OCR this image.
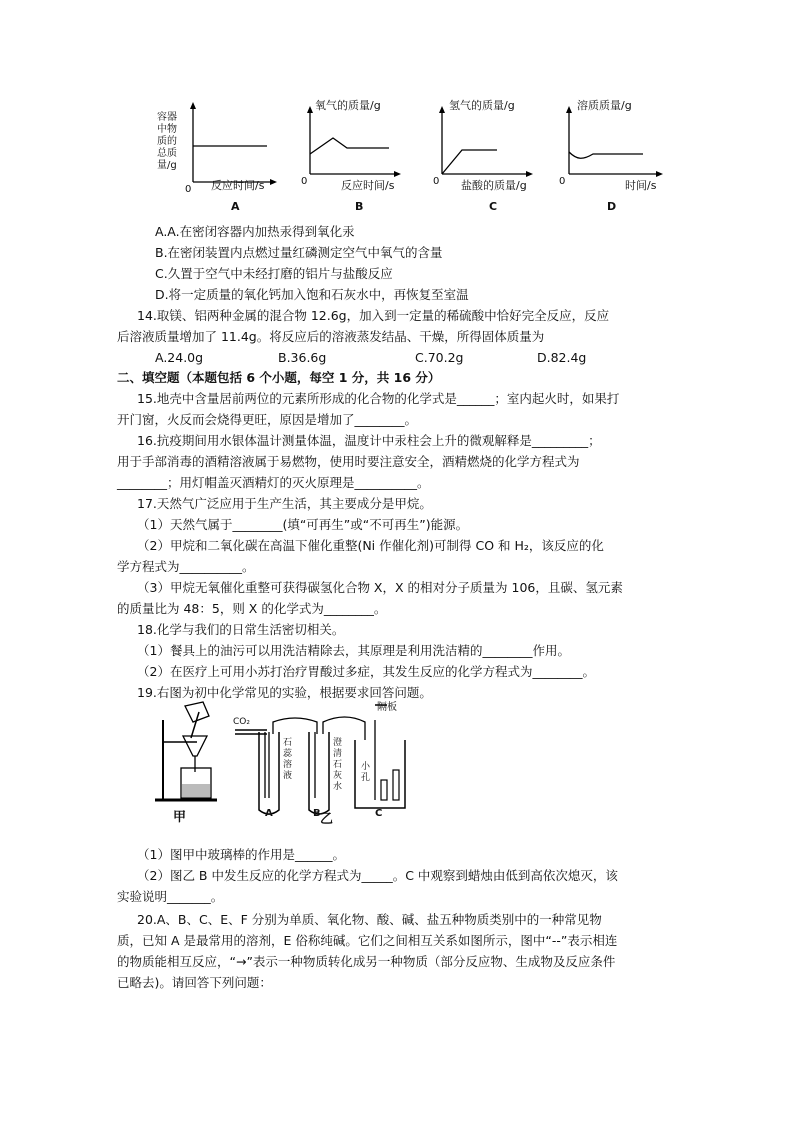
容器
中物
质的
总质
量/g
0 反应时间/s
A
氧气的质量/g
0	反应时间/s
B
氢气的质量/g
0 盐酸的质量/g
C
溶质质量/g
0	时间/s
D
A.A.在密闭容器内加热汞得到氧化汞
B.在密闭装置内点燃过量红磷测定空气中氧气的含量
C.久置于空气中未经打磨的铝片与盐酸反应
D.将一定质量的氧化钙加入饱和石灰水中，再恢复至室温
14.取镁、铝两种金属的混合物 12.6g，加入到一定量的稀硫酸中恰好完全反应，反应
后溶液质量增加了 11.4g。将反应后的溶液蒸发结晶、干燥，所得固体质量为
A.24.0g	B.36.6g	C.70.2g	D.82.4g
二、填空题（本题包括 6 个小题，每空 1 分，共 16 分）
15.地壳中含量居前两位的元素所形成的化合物的化学式是______；室内起火时，如果打
开门窗，火反而会烧得更旺，原因是增加了________。
16.抗疫期间用水银体温计测量体温，温度计中汞柱会上升的微观解释是_________；
用于手部消毒的酒精溶液属于易燃物，使用时要注意安全，酒精燃烧的化学方程式为
________；用灯帽盖灭酒精灯的灭火原理是__________。
17.天然气广泛应用于生产生活，其主要成分是甲烷。
（1）天然气属于________(填“可再生”或“不可再生”)能源。
（2）甲烷和二氧化碳在高温下催化重整(Ni 作催化剂)可制得 CO 和 H₂，该反应的化
学方程式为__________。
（3）甲烷无氧催化重整可获得碳氢化合物 X，X 的相对分子质量为 106，且碳、氢元素
的质量比为 48：5，则 X 的化学式为________。
18.化学与我们的日常生活密切相关。
（1）餐具上的油污可以用洗洁精除去，其原理是利用洗洁精的________作用。
（2）在医疗上可用小苏打治疗胃酸过多症，其发生反应的化学方程式为________。
19.右图为初中化学常见的实验，根据要求回答问题。
甲	乙
CO₂
隔板
石蕊溶液
澄清石灰水
小孔
A	B	C
（1）图甲中玻璃棒的作用是______。
（2）图乙 B 中发生反应的化学方程式为_____。C 中观察到蜡烛由低到高依次熄灭，该
实验说明_______。
20.A、B、C、E、F 分别为单质、氧化物、酸、碱、盐五种物质类别中的一种常见物
质，已知 A 是最常用的溶剂，E 俗称纯碱。它们之间相互关系如图所示，图中“--”表示相连
的物质能相互反应，“→”表示一种物质转化成另一种物质（部分反应物、生成物及反应条件
已略去)。请回答下列问题：
